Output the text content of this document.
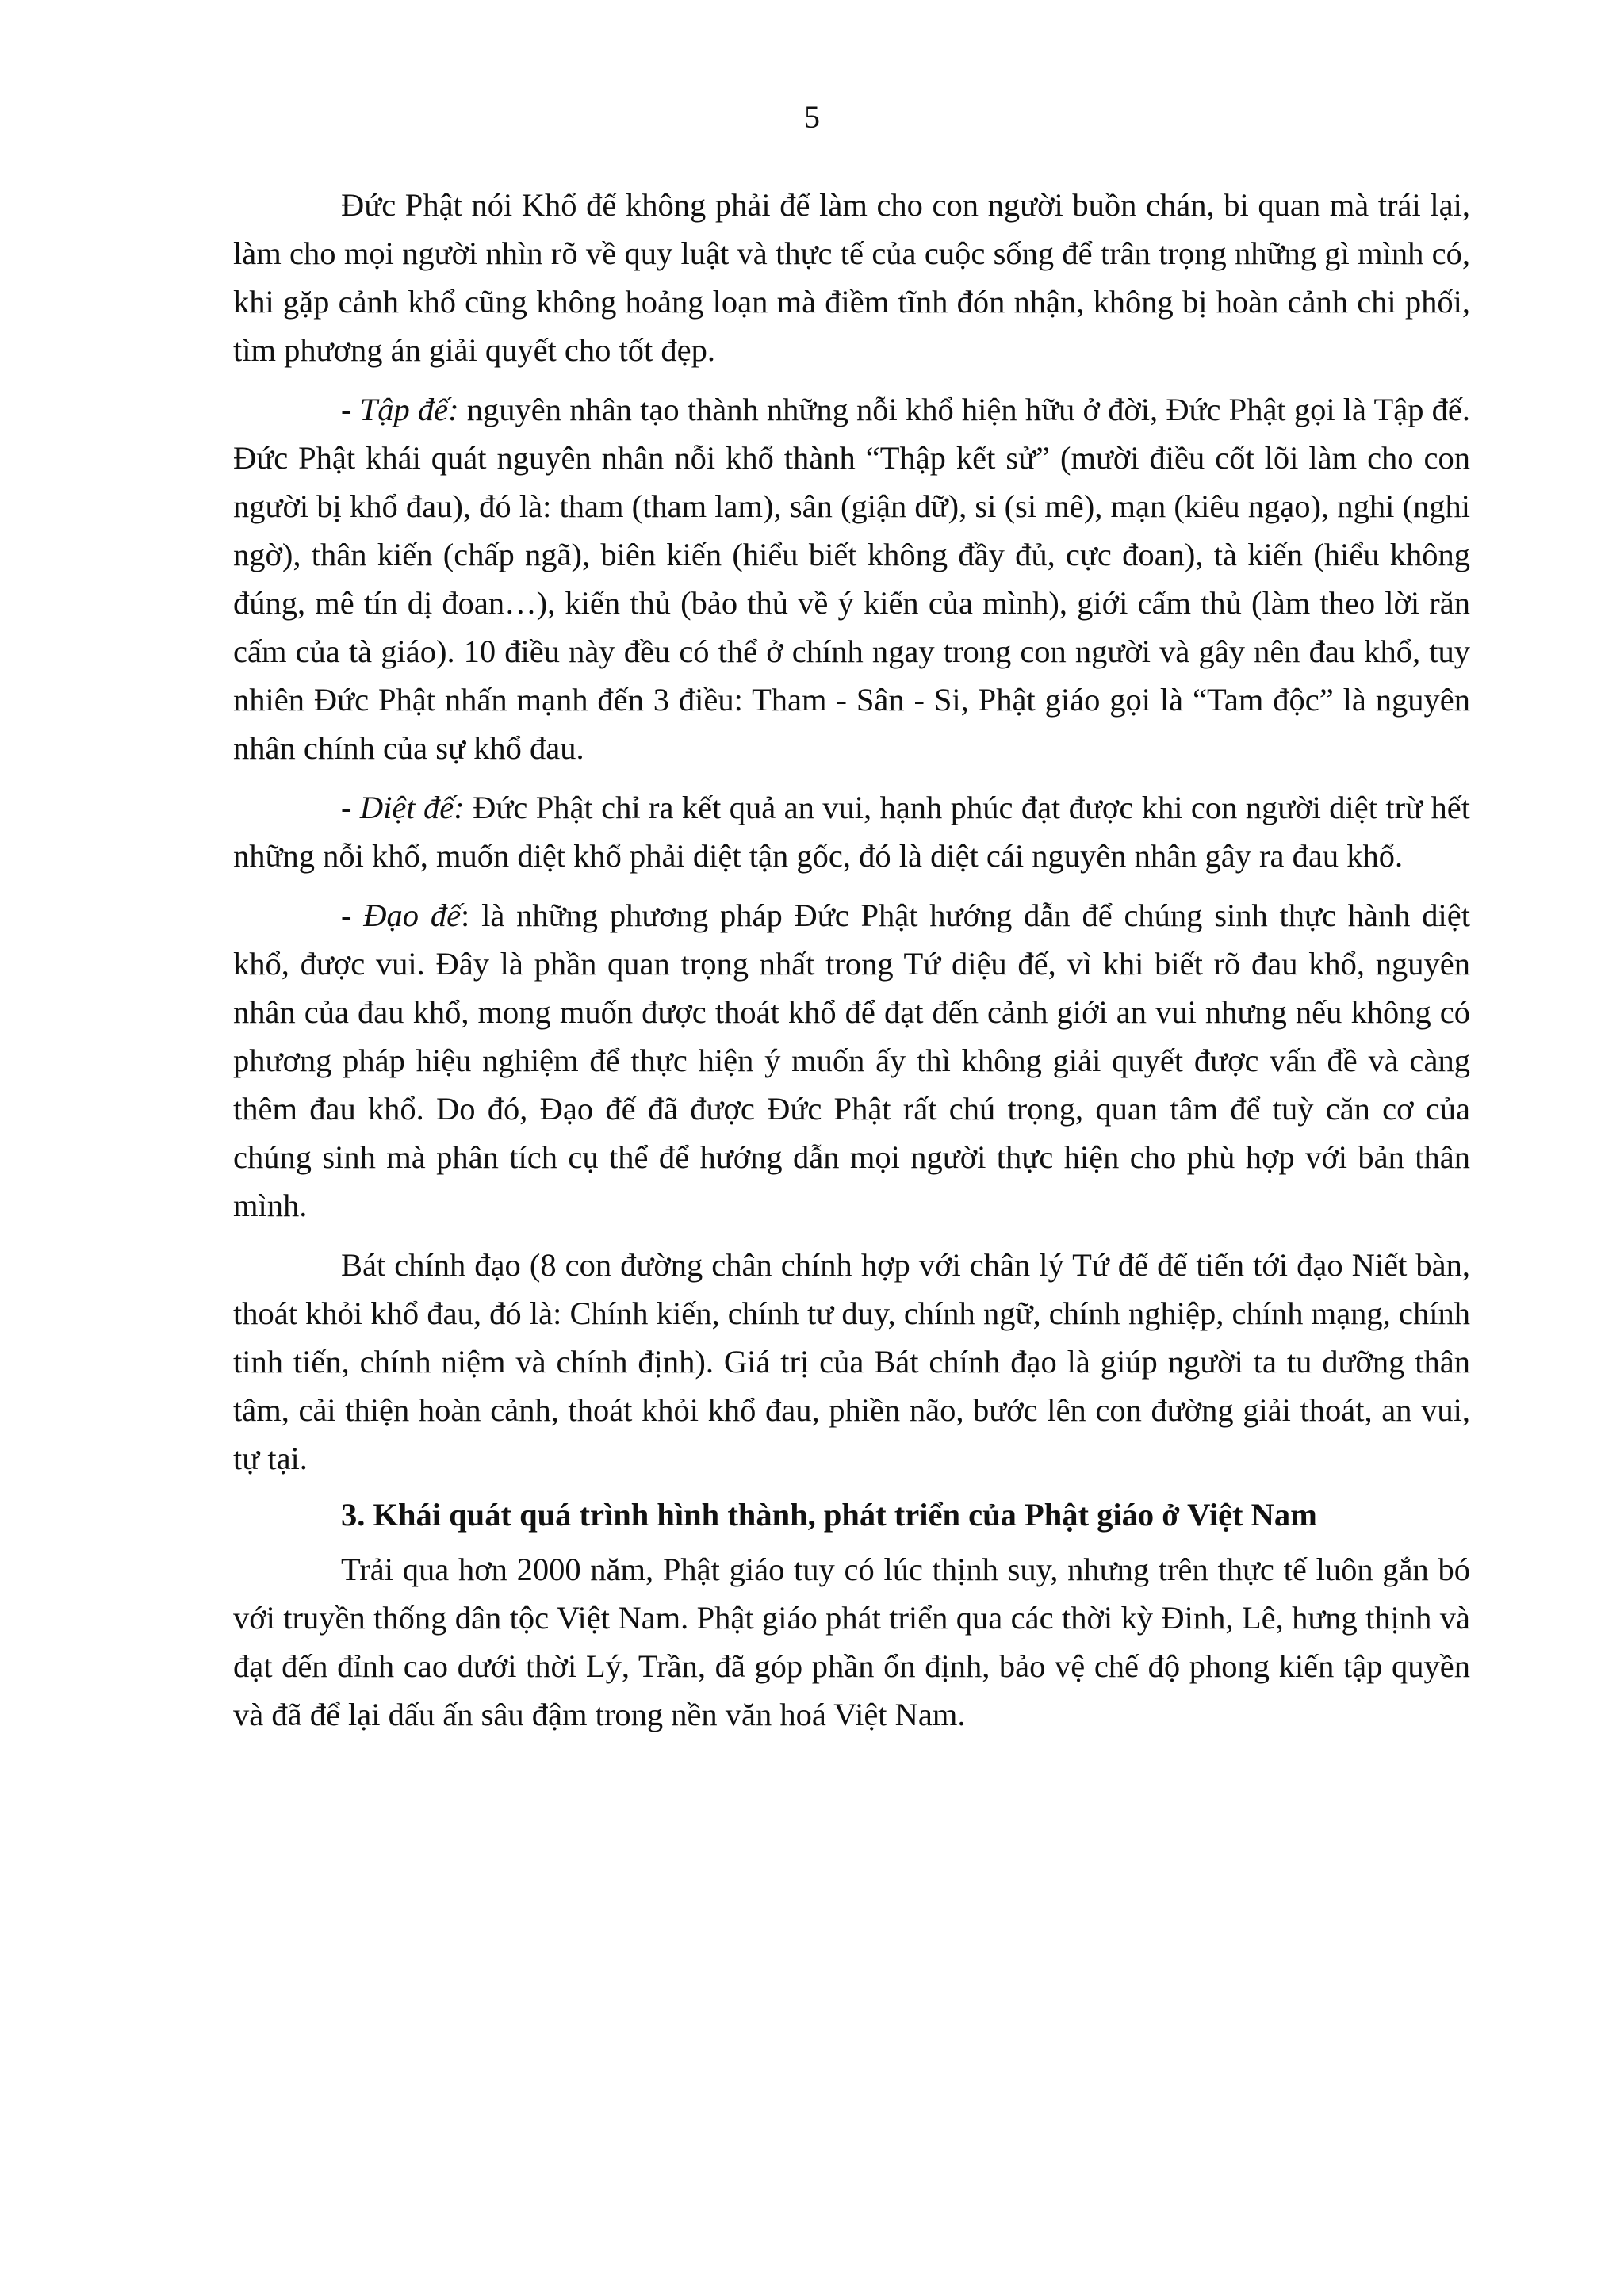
5

Đức Phật nói Khổ đế không phải để làm cho con người buồn chán, bi quan mà trái lại, làm cho mọi người nhìn rõ về quy luật và thực tế của cuộc sống để trân trọng những gì mình có, khi gặp cảnh khổ cũng không hoảng loạn mà điềm tĩnh đón nhận, không bị hoàn cảnh chi phối, tìm phương án giải quyết cho tốt đẹp.

- Tập đế: nguyên nhân tạo thành những nỗi khổ hiện hữu ở đời, Đức Phật gọi là Tập đế. Đức Phật khái quát nguyên nhân nỗi khổ thành “Thập kết sử” (mười điều cốt lõi làm cho con người bị khổ đau), đó là: tham (tham lam), sân (giận dữ), si (si mê), mạn (kiêu ngạo), nghi (nghi ngờ), thân kiến (chấp ngã), biên kiến (hiểu biết không đầy đủ, cực đoan), tà kiến (hiểu không đúng, mê tín dị đoan…), kiến thủ (bảo thủ về ý kiến của mình), giới cấm thủ (làm theo lời răn cấm của tà giáo). 10 điều này đều có thể ở chính ngay trong con người và gây nên đau khổ, tuy nhiên Đức Phật nhấn mạnh đến 3 điều: Tham - Sân - Si, Phật giáo gọi là “Tam độc” là nguyên nhân chính của sự khổ đau.

- Diệt đế: Đức Phật chỉ ra kết quả an vui, hạnh phúc đạt được khi con người diệt trừ hết những nỗi khổ, muốn diệt khổ phải diệt tận gốc, đó là diệt cái nguyên nhân gây ra đau khổ.

- Đạo đế: là những phương pháp Đức Phật hướng dẫn để chúng sinh thực hành diệt khổ, được vui. Đây là phần quan trọng nhất trong Tứ diệu đế, vì khi biết rõ đau khổ, nguyên nhân của đau khổ, mong muốn được thoát khổ để đạt đến cảnh giới an vui nhưng nếu không có phương pháp hiệu nghiệm để thực hiện ý muốn ấy thì không giải quyết được vấn đề và càng thêm đau khổ. Do đó, Đạo đế đã được Đức Phật rất chú trọng, quan tâm để tuỳ căn cơ của chúng sinh mà phân tích cụ thể để hướng dẫn mọi người thực hiện cho phù hợp với bản thân mình.

Bát chính đạo (8 con đường chân chính hợp với chân lý Tứ đế để tiến tới đạo Niết bàn, thoát khỏi khổ đau, đó là: Chính kiến, chính tư duy, chính ngữ, chính nghiệp, chính mạng, chính tinh tiến, chính niệm và chính định). Giá trị của Bát chính đạo là giúp người ta tu dưỡng thân tâm, cải thiện hoàn cảnh, thoát khỏi khổ đau, phiền não, bước lên con đường giải thoát, an vui, tự tại.

3. Khái quát quá trình hình thành, phát triển của Phật giáo ở Việt Nam

Trải qua hơn 2000 năm, Phật giáo tuy có lúc thịnh suy, nhưng trên thực tế luôn gắn bó với truyền thống dân tộc Việt Nam. Phật giáo phát triển qua các thời kỳ Đinh, Lê, hưng thịnh và đạt đến đỉnh cao dưới thời Lý, Trần, đã góp phần ổn định, bảo vệ chế độ phong kiến tập quyền và đã để lại dấu ấn sâu đậm trong nền văn hoá Việt Nam.
